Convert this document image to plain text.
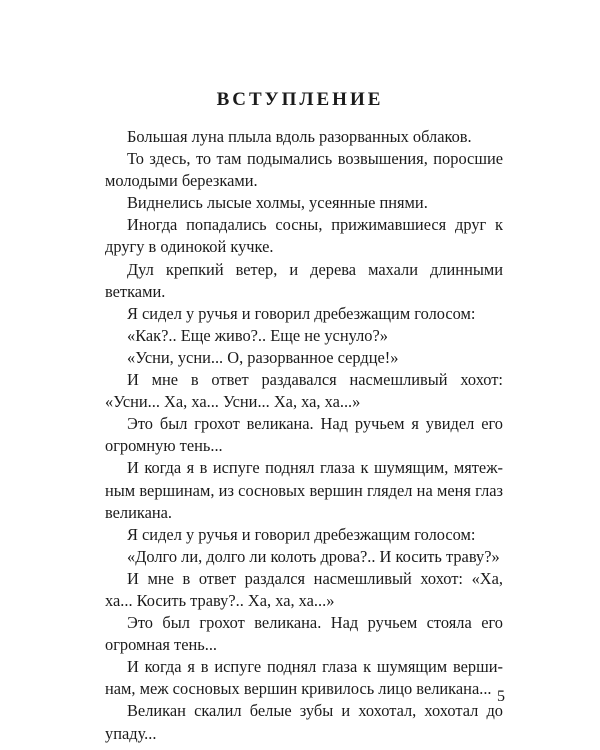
ВСТУПЛЕНИЕ

Большая луна плыла вдоль разорванных облаков.

То здесь, то там подымались возвышения, поросшие молодыми березками.

Виднелись лысые холмы, усеянные пнями.

Иногда попадались сосны, прижимавшиеся друг к другу в одинокой кучке.

Дул крепкий ветер, и дерева махали длинными ветками.

Я сидел у ручья и говорил дребезжащим голосом:

«Как?.. Еще живо?.. Еще не уснуло?»

«Усни, усни... О, разорванное сердце!»

И мне в ответ раздавался насмешливый хохот: «Усни... Ха, ха... Усни... Ха, ха, ха...»

Это был грохот великана. Над ручьем я увидел его огромную тень...

И когда я в испуге поднял глаза к шумящим, мятежным вершинам, из сосновых вершин глядел на меня глаз великана.

Я сидел у ручья и говорил дребезжащим голосом:

«Долго ли, долго ли колоть дрова?.. И косить траву?»

И мне в ответ раздался насмешливый хохот: «Ха, ха... Косить траву?.. Ха, ха, ха...»

Это был грохот великана. Над ручьем стояла его огромная тень...

И когда я в испуге поднял глаза к шумящим вершинам, меж сосновых вершин кривилось лицо великана...

Великан скалил белые зубы и хохотал, хохотал до упаду...

5
